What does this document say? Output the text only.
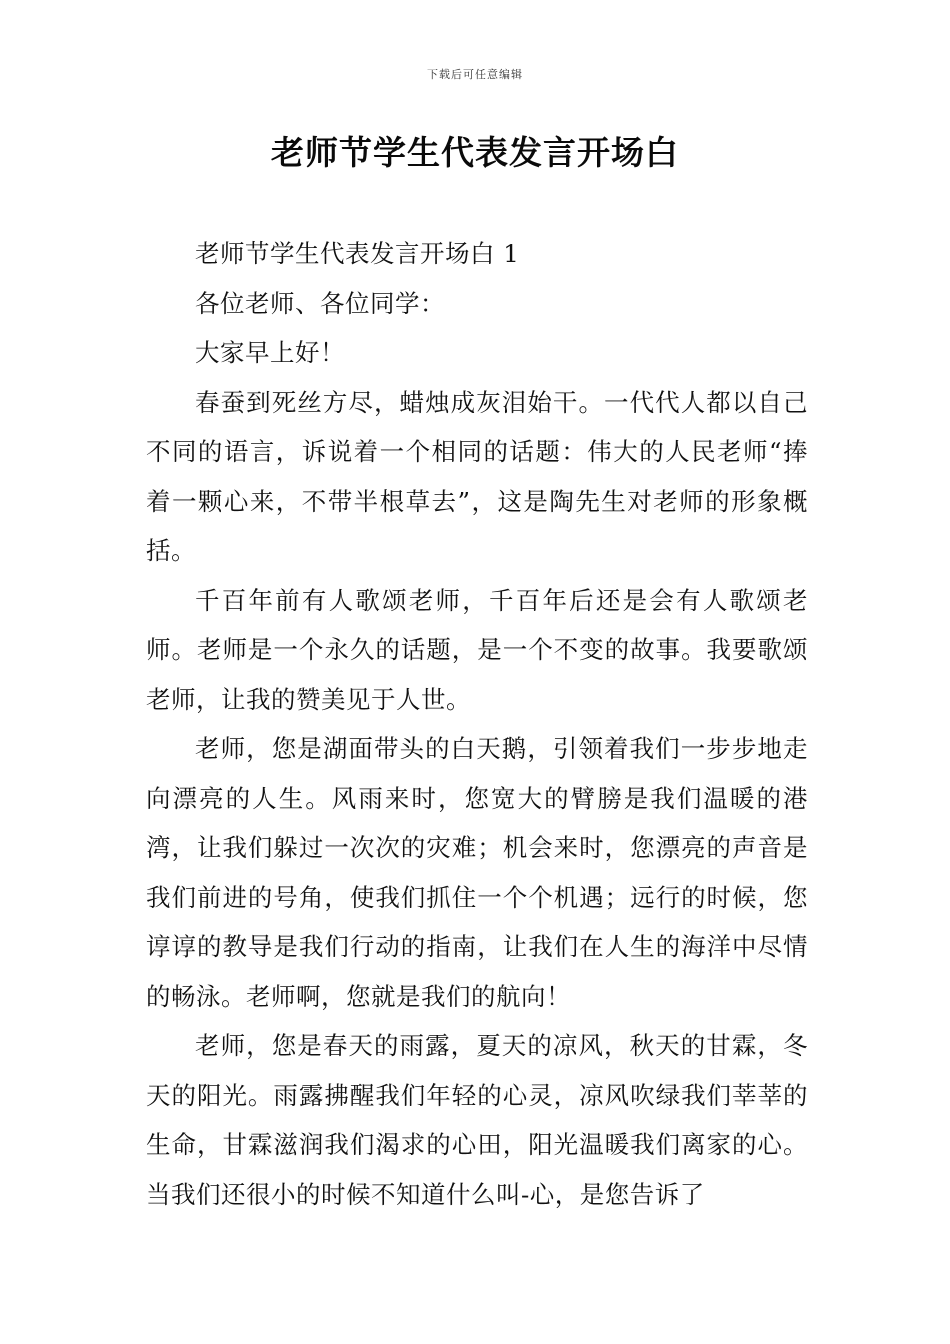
下载后可任意编辑
老师节学生代表发言开场白

老师节学生代表发言开场白 1

各位老师、各位同学：

大家早上好！

春蚕到死丝方尽，蜡烛成灰泪始干。一代代人都以自己不同的语言，诉说着一个相同的话题：伟大的人民老师“捧着一颗心来，不带半根草去”，这是陶先生对老师的形象概括。

千百年前有人歌颂老师，千百年后还是会有人歌颂老师。老师是一个永久的话题，是一个不变的故事。我要歌颂老师，让我的赞美见于人世。

老师，您是湖面带头的白天鹅，引领着我们一步步地走向漂亮的人生。风雨来时，您宽大的臂膀是我们温暖的港湾，让我们躲过一次次的灾难；机会来时，您漂亮的声音是我们前进的号角，使我们抓住一个个机遇；远行的时候，您谆谆的教导是我们行动的指南，让我们在人生的海洋中尽情的畅泳。老师啊，您就是我们的航向！

老师，您是春天的雨露，夏天的凉风，秋天的甘霖，冬天的阳光。雨露拂醒我们年轻的心灵，凉风吹绿我们莘莘的生命，甘霖滋润我们渴求的心田，阳光温暖我们离家的心。当我们还很小的时候不知道什么叫-心，是您告诉了
